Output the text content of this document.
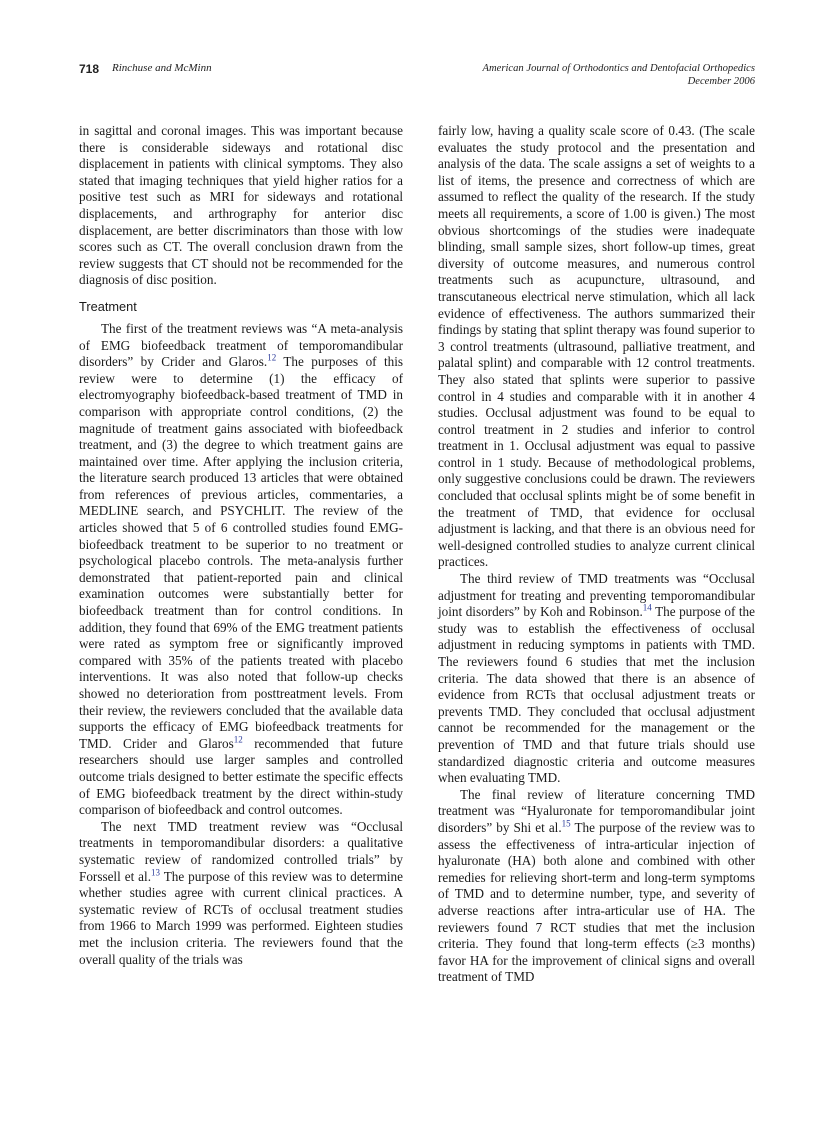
718 Rinchuse and McMinn	American Journal of Orthodontics and Dentofacial Orthopedics
December 2006

in sagittal and coronal images. This was important because there is considerable sideways and rotational disc displacement in patients with clinical symptoms. They also stated that imaging techniques that yield higher ratios for a positive test such as MRI for sideways and rotational displacements, and arthrography for anterior disc displacement, are better discriminators than those with low scores such as CT. The overall conclusion drawn from the review suggests that CT should not be recommended for the diagnosis of disc position.

Treatment

The first of the treatment reviews was “A meta-analysis of EMG biofeedback treatment of temporomandibular disorders” by Crider and Glaros.$^{12}$ The purposes of this review were to determine (1) the efficacy of electromyography biofeedback-based treatment of TMD in comparison with appropriate control conditions, (2) the magnitude of treatment gains associated with biofeedback treatment, and (3) the degree to which treatment gains are maintained over time. After applying the inclusion criteria, the literature search produced 13 articles that were obtained from references of previous articles, commentaries, a MEDLINE search, and PSYCHLIT. The review of the articles showed that 5 of 6 controlled studies found EMG-biofeedback treatment to be superior to no treatment or psychological placebo controls. The meta-analysis further demonstrated that patient-reported pain and clinical examination outcomes were substantially better for biofeedback treatment than for control conditions. In addition, they found that 69% of the EMG treatment patients were rated as symptom free or significantly improved compared with 35% of the patients treated with placebo interventions. It was also noted that follow-up checks showed no deterioration from posttreatment levels. From their review, the reviewers concluded that the available data supports the efficacy of EMG biofeedback treatments for TMD. Crider and Glaros$^{12}$ recommended that future researchers should use larger samples and controlled outcome trials designed to better estimate the specific effects of EMG biofeedback treatment by the direct within-study comparison of biofeedback and control outcomes.

The next TMD treatment review was “Occlusal treatments in temporomandibular disorders: a qualitative systematic review of randomized controlled trials” by Forssell et al.$^{13}$ The purpose of this review was to determine whether studies agree with current clinical practices. A systematic review of RCTs of occlusal treatment studies from 1966 to March 1999 was performed. Eighteen studies met the inclusion criteria. The reviewers found that the overall quality of the trials was

fairly low, having a quality scale score of 0.43. (The scale evaluates the study protocol and the presentation and analysis of the data. The scale assigns a set of weights to a list of items, the presence and correctness of which are assumed to reflect the quality of the research. If the study meets all requirements, a score of 1.00 is given.) The most obvious shortcomings of the studies were inadequate blinding, small sample sizes, short follow-up times, great diversity of outcome measures, and numerous control treatments such as acupuncture, ultrasound, and transcutaneous electrical nerve stimulation, which all lack evidence of effectiveness. The authors summarized their findings by stating that splint therapy was found superior to 3 control treatments (ultrasound, palliative treatment, and palatal splint) and comparable with 12 control treatments. They also stated that splints were superior to passive control in 4 studies and comparable with it in another 4 studies. Occlusal adjustment was found to be equal to control treatment in 2 studies and inferior to control treatment in 1. Occlusal adjustment was equal to passive control in 1 study. Because of methodological problems, only suggestive conclusions could be drawn. The reviewers concluded that occlusal splints might be of some benefit in the treatment of TMD, that evidence for occlusal adjustment is lacking, and that there is an obvious need for well-designed controlled studies to analyze current clinical practices.

The third review of TMD treatments was “Occlusal adjustment for treating and preventing temporomandibular joint disorders” by Koh and Robinson.$^{14}$ The purpose of the study was to establish the effectiveness of occlusal adjustment in reducing symptoms in patients with TMD. The reviewers found 6 studies that met the inclusion criteria. The data showed that there is an absence of evidence from RCTs that occlusal adjustment treats or prevents TMD. They concluded that occlusal adjustment cannot be recommended for the management or the prevention of TMD and that future trials should use standardized diagnostic criteria and outcome measures when evaluating TMD.

The final review of literature concerning TMD treatment was “Hyaluronate for temporomandibular joint disorders” by Shi et al.$^{15}$ The purpose of the review was to assess the effectiveness of intra-articular injection of hyaluronate (HA) both alone and combined with other remedies for relieving short-term and long-term symptoms of TMD and to determine number, type, and severity of adverse reactions after intra-articular use of HA. The reviewers found 7 RCT studies that met the inclusion criteria. They found that long-term effects (≥3 months) favor HA for the improvement of clinical signs and overall treatment of TMD
